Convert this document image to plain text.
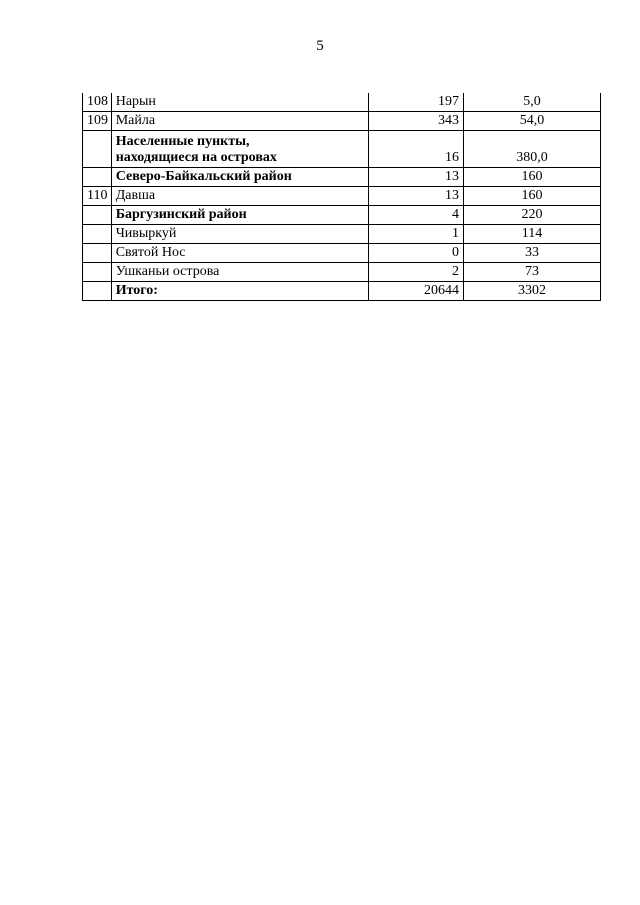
5
108	Нарын	197	5,0
109	Майла	343	54,0

	Населенные пункты,
находящиеся на островах	16	380,0
	Северо-Байкальский район	13	160
110	Давша	13	160
	Баргузинский район	4	220
	Чивыркуй	1	114
	Святой Нос	0	33
	Ушканьи острова	2	73
	Итого:	20644	3302
